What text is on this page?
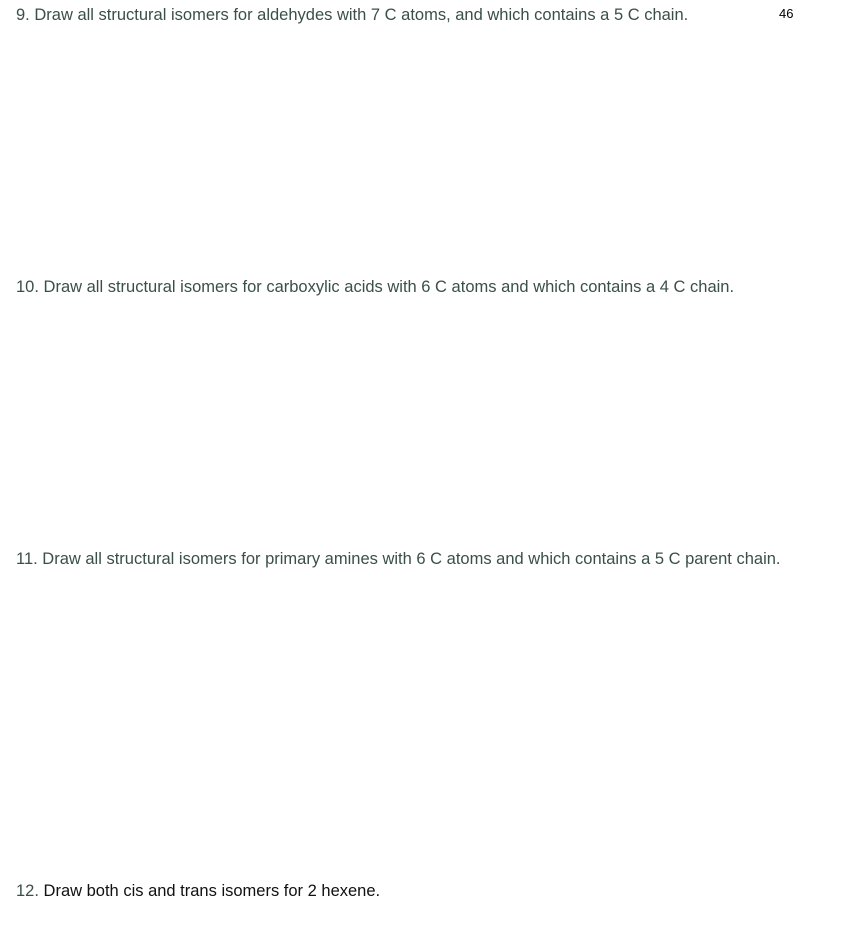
46
9. Draw all structural isomers for aldehydes with 7 C atoms, and which contains a 5 C chain.
10. Draw all structural isomers for carboxylic acids with 6 C atoms and which contains a 4 C chain.
11. Draw all structural isomers for primary amines with 6 C atoms and which contains a 5 C parent chain.
12. Draw both cis and trans isomers for 2 hexene.
